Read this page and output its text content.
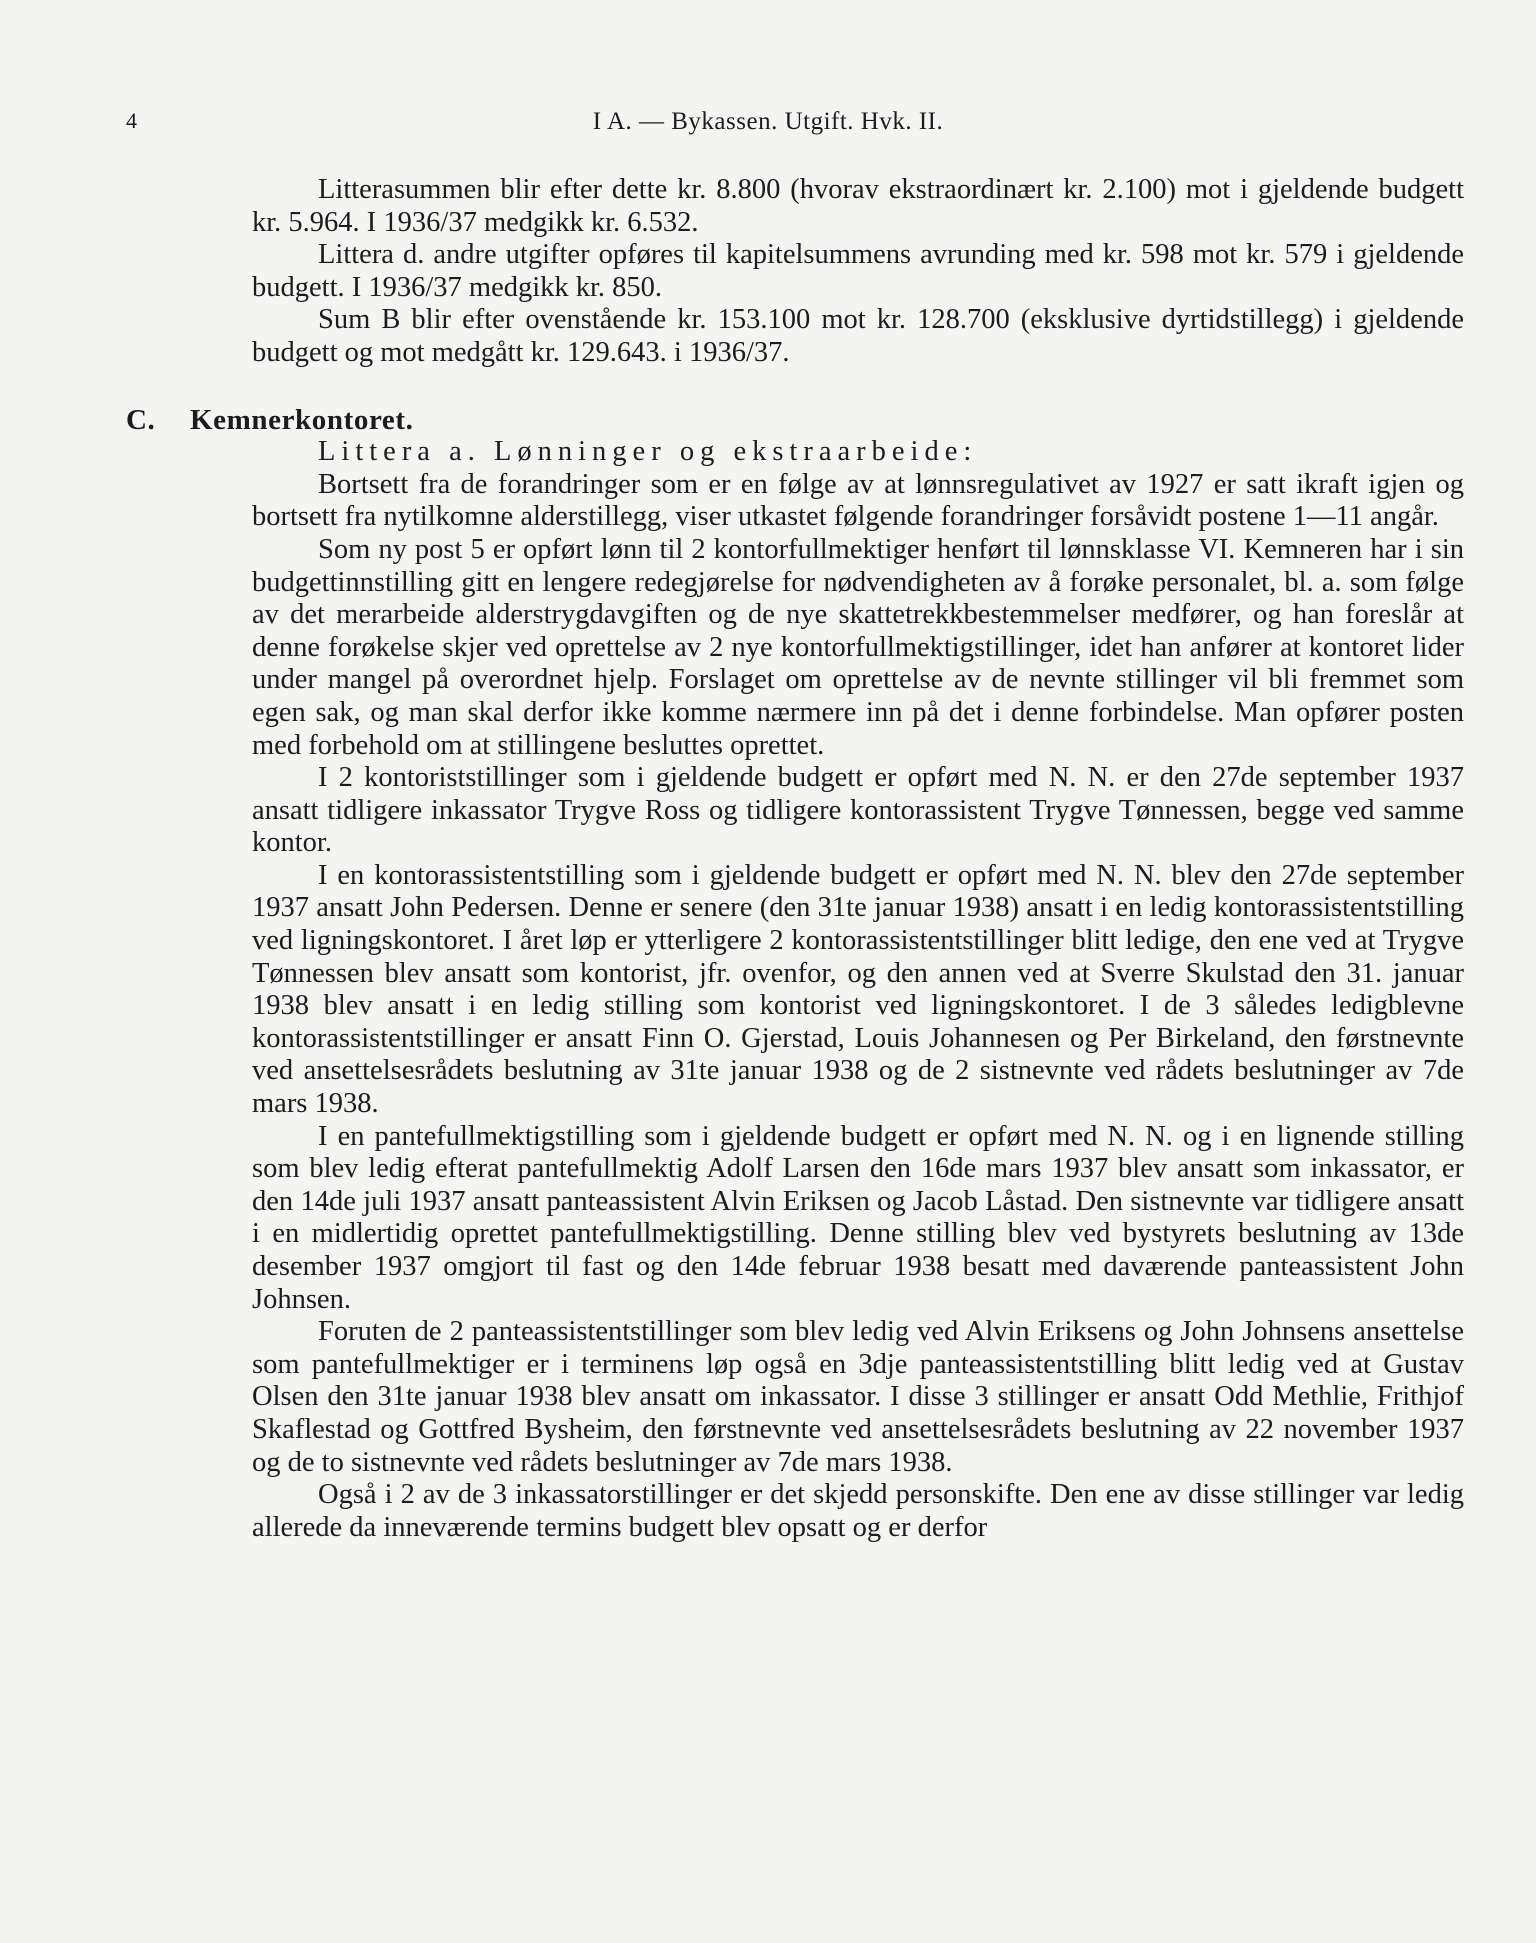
4	I A. — Bykassen. Utgift. Hvk. II.

Litterasummen blir efter dette kr. 8.800 (hvorav ekstraordinært kr. 2.100) mot i gjeldende budgett kr. 5.964. I 1936/37 medgikk kr. 6.532.

Littera d. andre utgifter opføres til kapitelsummens avrunding med kr. 598 mot kr. 579 i gjeldende budgett. I 1936/37 medgikk kr. 850.

Sum B blir efter ovenstående kr. 153.100 mot kr. 128.700 (eksklusive dyrtidstillegg) i gjeldende budgett og mot medgått kr. 129.643. i 1936/37.

C. Kemnerkontoret.

Littera a. Lønninger og ekstraarbeide:

Bortsett fra de forandringer som er en følge av at lønnsregulativet av 1927 er satt ikraft igjen og bortsett fra nytilkomne alderstillegg, viser utkastet følgende forandringer forsåvidt postene 1—11 angår.

Som ny post 5 er opført lønn til 2 kontorfullmektiger henført til lønnsklasse VI. Kemneren har i sin budgettinnstilling gitt en lengere redegjørelse for nødvendigheten av å forøke personalet, bl. a. som følge av det merarbeide alderstrygdavgiften og de nye skattetrekkbestemmelser medfører, og han foreslår at denne forøkelse skjer ved oprettelse av 2 nye kontorfullmektigstillinger, idet han anfører at kontoret lider under mangel på overordnet hjelp. Forslaget om oprettelse av de nevnte stillinger vil bli fremmet som egen sak, og man skal derfor ikke komme nærmere inn på det i denne forbindelse. Man opfører posten med forbehold om at stillingene besluttes oprettet.

I 2 kontoriststillinger som i gjeldende budgett er opført med N. N. er den 27de september 1937 ansatt tidligere inkassator Trygve Ross og tidligere kontorassistent Trygve Tønnessen, begge ved samme kontor.

I en kontorassistentstilling som i gjeldende budgett er opført med N. N. blev den 27de september 1937 ansatt John Pedersen. Denne er senere (den 31te januar 1938) ansatt i en ledig kontorassistentstilling ved ligningskontoret. I året løp er ytterligere 2 kontorassistentstillinger blitt ledige, den ene ved at Trygve Tønnessen blev ansatt som kontorist, jfr. ovenfor, og den annen ved at Sverre Skulstad den 31. januar 1938 blev ansatt i en ledig stilling som kontorist ved ligningskontoret. I de 3 således ledigblevne kontorassistentstillinger er ansatt Finn O. Gjerstad, Louis Johannesen og Per Birkeland, den førstnevnte ved ansettelsesrådets beslutning av 31te januar 1938 og de 2 sistnevnte ved rådets beslutninger av 7de mars 1938.

I en pantefullmektigstilling som i gjeldende budgett er opført med N. N. og i en lignende stilling som blev ledig efterat pantefullmektig Adolf Larsen den 16de mars 1937 blev ansatt som inkassator, er den 14de juli 1937 ansatt panteassistent Alvin Eriksen og Jacob Låstad. Den sistnevnte var tidligere ansatt i en midlertidig oprettet pantefullmektigstilling. Denne stilling blev ved bystyrets beslutning av 13de desember 1937 omgjort til fast og den 14de februar 1938 besatt med daværende panteassistent John Johnsen.

Foruten de 2 panteassistentstillinger som blev ledig ved Alvin Eriksens og John Johnsens ansettelse som pantefullmektiger er i terminens løp også en 3dje panteassistentstilling blitt ledig ved at Gustav Olsen den 31te januar 1938 blev ansatt om inkassator. I disse 3 stillinger er ansatt Odd Methlie, Frithjof Skaflestad og Gottfred Bysheim, den førstnevnte ved ansettelsesrådets beslutning av 22 november 1937 og de to sistnevnte ved rådets beslutninger av 7de mars 1938.

Også i 2 av de 3 inkassatorstillinger er det skjedd personskifte. Den ene av disse stillinger var ledig allerede da inneværende termins budgett blev opsatt og er derfor
